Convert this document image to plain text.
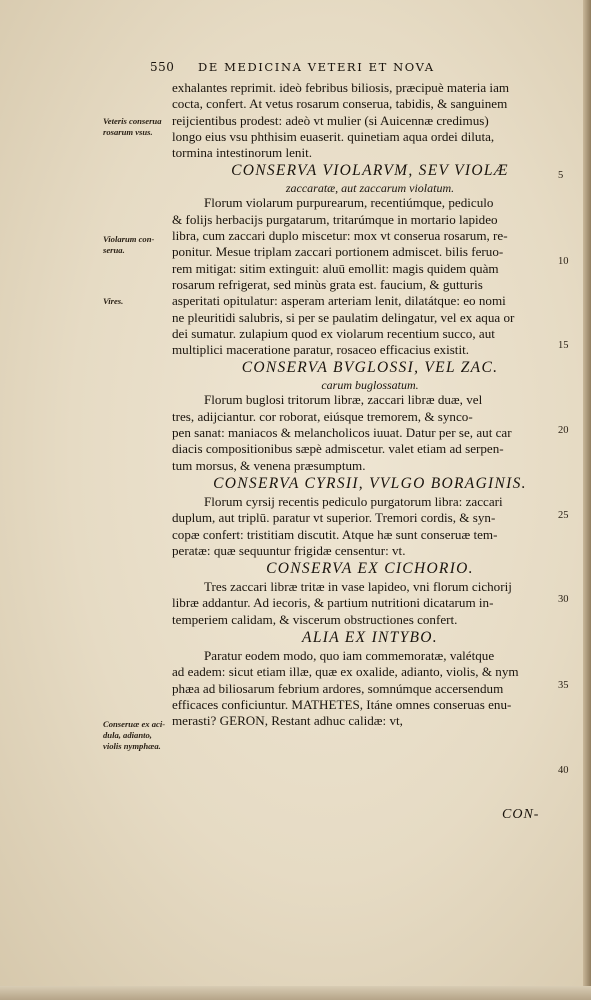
550 DE MEDICINA VETERI ET NOVA
Veteris conserua
rosarum vsus.
Violarum con-
serua.
Vires.
Conseruæ ex aci-
dula, adianto,
violis nymphæa.
5
10
15
20
25
30
35
40
exhalantes reprimit. ideò febribus biliosis, præcipuè materia iam
cocta, confert. At vetus rosarum conserua, tabidis, & sanguinem
reijcientibus prodest: adeò vt mulier (si Auicennæ credimus)
longo eius vsu phthisim euaserit. quinetiam aqua ordei diluta,
tormina intestinorum lenit.
CONSERVA VIOLARVM, SEV VIOLÆ
zaccaratæ, aut zaccarum violatum.
Florum violarum purpurearum, recentiúmque, pediculo
& folijs herbacijs purgatarum, tritarúmque in mortario lapideo
libra, cum zaccari duplo miscetur: mox vt conserua rosarum, re-
ponitur. Mesue triplam zaccari portionem admiscet. bilis feruo-
rem mitigat: sitim extinguit: aluū emollit: magis quidem quàm
rosarum refrigerat, sed minùs grata est. faucium, & gutturis
asperitati opitulatur: asperam arteriam lenit, dilatátque: eo nomi
ne pleuritidi salubris, si per se paulatim delingatur, vel ex aqua or
dei sumatur. zulapium quod ex violarum recentium succo, aut
multiplici maceratione paratur, rosaceo efficacius existit.
CONSERVA BVGLOSSI, VEL ZAC.
carum buglossatum.
Florum buglosi tritorum libræ, zaccari libræ duæ, vel
tres, adijciantur. cor roborat, eiúsque tremorem, & synco-
pen sanat: maniacos & melancholicos iuuat. Datur per se, aut car
diacis compositionibus sæpè admiscetur. valet etiam ad serpen-
tum morsus, & venena præsumptum.
CONSERVA CYRSII, VVLGO BORAGINIS.
Florum cyrsij recentis pediculo purgatorum libra: zaccari
duplum, aut triplū. paratur vt superior. Tremori cordis, & syn-
copæ confert: tristitiam discutit. Atque hæ sunt conseruæ tem-
peratæ: quæ sequuntur frigidæ censentur: vt.
CONSERVA EX CICHORIO.
Tres zaccari libræ tritæ in vase lapideo, vni florum cichorij
libræ addantur. Ad iecoris, & partium nutritioni dicatarum in-
temperiem calidam, & viscerum obstructiones confert.
ALIA EX INTYBO.
Paratur eodem modo, quo iam commemoratæ, valétque
ad eadem: sicut etiam illæ, quæ ex oxalide, adianto, violis, & nym
phæa ad biliosarum febrium ardores, somnúmque accersendum
efficaces conficiuntur. MATHETES, Itáne omnes conseruas enu-
merasti? GERON, Restant adhuc calidæ: vt,
CON-
